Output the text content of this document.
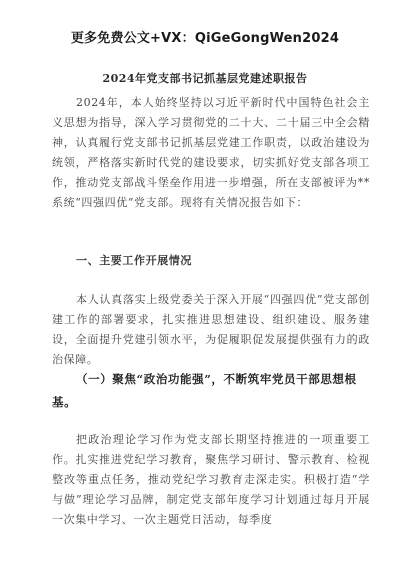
更多免费公文+VX：QiGeGongWen2024
2024年党支部书记抓基层党建述职报告
2024年，本人始终坚持以习近平新时代中国特色社会主义思想为指导，深入学习贯彻党的二十大、二十届三中全会精神，认真履行党支部书记抓基层党建工作职责，以政治建设为统领，严格落实新时代党的建设要求，切实抓好党支部各项工作，推动党支部战斗堡垒作用进一步增强，所在支部被评为**系统“四强四优”党支部。现将有关情况报告如下：
一、主要工作开展情况
本人认真落实上级党委关于深入开展“四强四优”党支部创建工作的部署要求，扎实推进思想建设、组织建设、服务建设，全面提升党建引领水平，为促履职促发展提供强有力的政治保障。
（一）聚焦“政治功能强”，不断筑牢党员干部思想根基。
把政治理论学习作为党支部长期坚持推进的一项重要工作。扎实推进党纪学习教育，聚焦学习研讨、警示教育、检视整改等重点任务，推动党纪学习教育走深走实。积极打造“学与做”理论学习品牌，制定党支部年度学习计划通过每月开展一次集中学习、一次主题党日活动，每季度
